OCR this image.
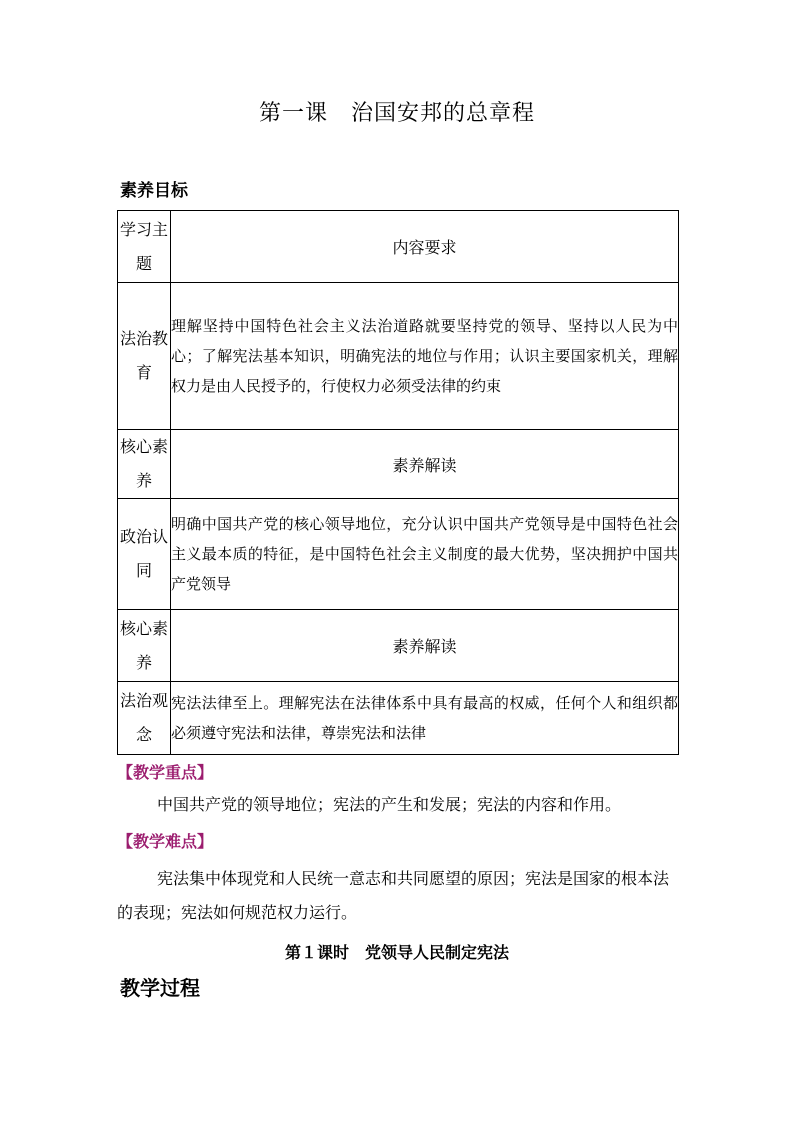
第一课　治国安邦的总章程
素养目标
学习主题	内容要求
法治教育	理解坚持中国特色社会主义法治道路就要坚持党的领导、坚持以人民为中心；了解宪法基本知识，明确宪法的地位与作用；认识主要国家机关，理解权力是由人民授予的，行使权力必须受法律的约束
核心素养	素养解读
政治认同	明确中国共产党的核心领导地位，充分认识中国共产党领导是中国特色社会主义最本质的特征，是中国特色社会主义制度的最大优势，坚决拥护中国共产党领导
核心素养	素养解读
法治观念	宪法法律至上。理解宪法在法律体系中具有最高的权威，任何个人和组织都必须遵守宪法和法律，尊崇宪法和法律
【教学重点】
中国共产党的领导地位；宪法的产生和发展；宪法的内容和作用。
【教学难点】
宪法集中体现党和人民统一意志和共同愿望的原因；宪法是国家的根本法的表现；宪法如何规范权力运行。
第１课时　党领导人民制定宪法
教学过程
